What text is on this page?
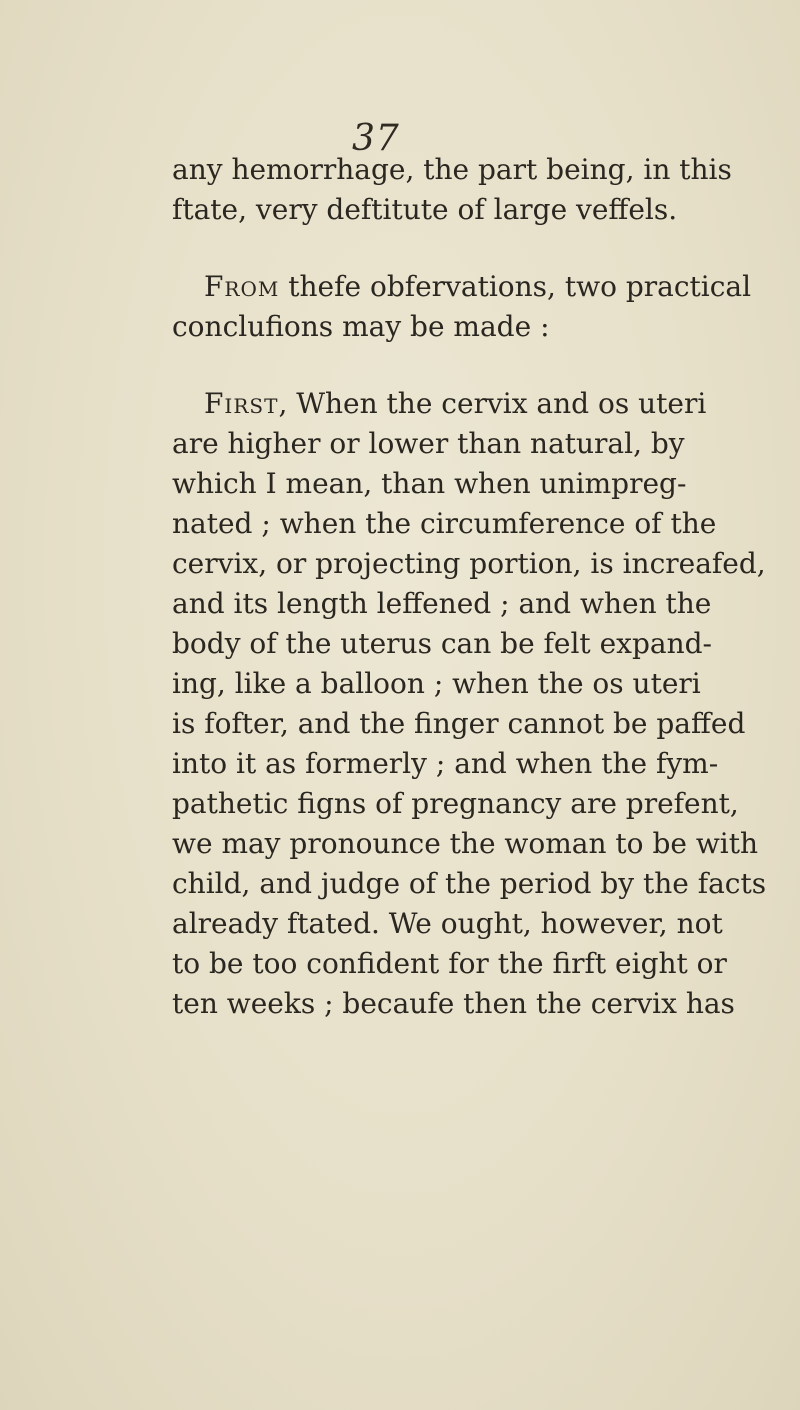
37
any hemorrhage, the part being, in this
ftate, very deftitute of large veffels.
From thefe obfervations, two practical
conclufions may be made :
First, When the cervix and os uteri
are higher or lower than natural, by
which I mean, than when unimpreg-
nated ; when the circumference of the
cervix, or projecting portion, is increafed,
and its length leffened ; and when the
body of the uterus can be felt expand-
ing, like a balloon ; when the os uteri
is fofter, and the finger cannot be paffed
into it as formerly ; and when the fym-
pathetic figns of pregnancy are prefent,
we may pronounce the woman to be with
child, and judge of the period by the facts
already ftated. We ought, however, not
to be too confident for the firft eight or
ten weeks ; becaufe then the cervix has
